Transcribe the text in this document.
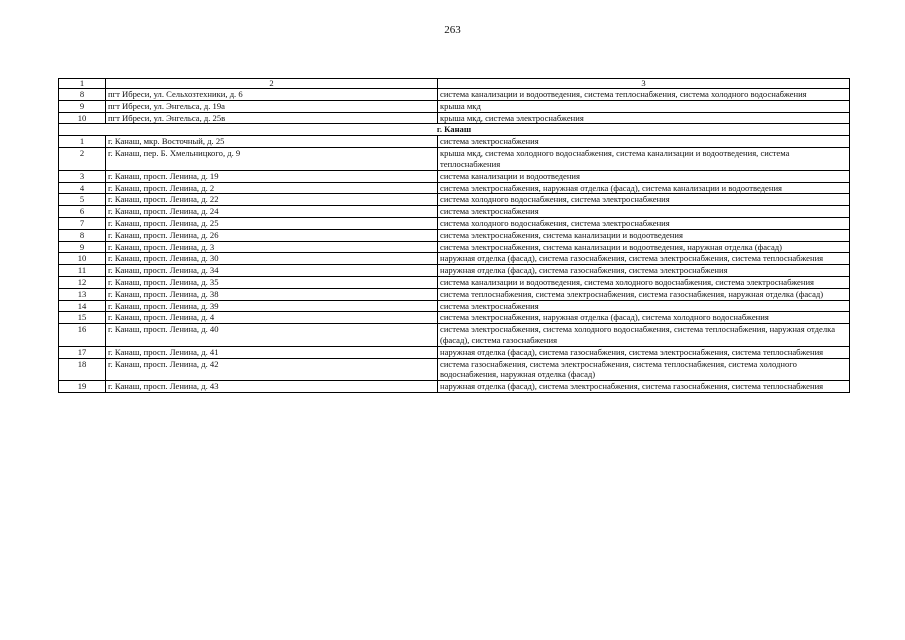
263
1	2	3
8	пгт Ибреси, ул. Сельхозтехники, д. 6	система канализации и водоотведения, система теплоснабжения, система холодного водоснабжения
9	пгт Ибреси, ул. Энгельса, д. 19а	крыша мкд
10	пгт Ибреси, ул. Энгельса, д. 25в	крыша мкд, система электроснабжения
г. Канаш		
1	г. Канаш, мкр. Восточный, д. 25	система электроснабжения
2	г. Канаш, пер. Б. Хмельницкого, д. 9	крыша мкд, система холодного водоснабжения, система канализации и водоотведения, система теплоснабжения
3	г. Канаш, просп. Ленина, д. 19	система канализации и водоотведения
4	г. Канаш, просп. Ленина, д. 2	система электроснабжения, наружная отделка (фасад), система канализации и водоотведения
5	г. Канаш, просп. Ленина, д. 22	система холодного водоснабжения, система электроснабжения
6	г. Канаш, просп. Ленина, д. 24	система электроснабжения
7	г. Канаш, просп. Ленина, д. 25	система холодного водоснабжения, система электроснабжения
8	г. Канаш, просп. Ленина, д. 26	система электроснабжения, система канализации и водоотведения
9	г. Канаш, просп. Ленина, д. 3	система электроснабжения, система канализации и водоотведения, наружная отделка (фасад)
10	г. Канаш, просп. Ленина, д. 30	наружная отделка (фасад), система газоснабжения, система электроснабжения, система теплоснабжения
11	г. Канаш, просп. Ленина, д. 34	наружная отделка (фасад), система газоснабжения, система электроснабжения
12	г. Канаш, просп. Ленина, д. 35	система канализации и водоотведения, система холодного водоснабжения, система электроснабжения
13	г. Канаш, просп. Ленина, д. 38	система теплоснабжения, система электроснабжения, система газоснабжения, наружная отделка (фасад)
14	г. Канаш, просп. Ленина, д. 39	система электроснабжения
15	г. Канаш, просп. Ленина, д. 4	система электроснабжения, наружная отделка (фасад), система холодного водоснабжения
16	г. Канаш, просп. Ленина, д. 40	система электроснабжения, система холодного водоснабжения, система теплоснабжения, наружная отделка (фасад), система газоснабжения
17	г. Канаш, просп. Ленина, д. 41	наружная отделка (фасад), система газоснабжения, система электроснабжения, система теплоснабжения
18	г. Канаш, просп. Ленина, д. 42	система газоснабжения, система электроснабжения, система теплоснабжения, система холодного водоснабжения, наружная отделка (фасад)
19	г. Канаш, просп. Ленина, д. 43	наружная отделка (фасад), система электроснабжения, система газоснабжения, система теплоснабжения
